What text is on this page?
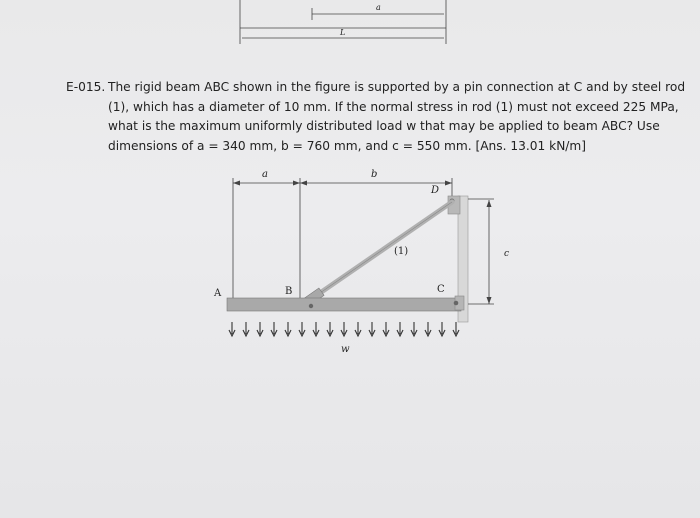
a
L
E-015. The rigid beam ABC shown in the figure is supported by a pin connection at C and by steel rod
(1), which has a diameter of 10 mm. If the normal stress in rod (1) must not exceed 225 MPa,
what is the maximum uniformly distributed load w that may be applied to beam ABC? Use
dimensions of a = 340 mm, b = 760 mm, and c = 550 mm. [Ans. 13.01 kN/m]
a	b
c
(1)
A	B	C
D
w
